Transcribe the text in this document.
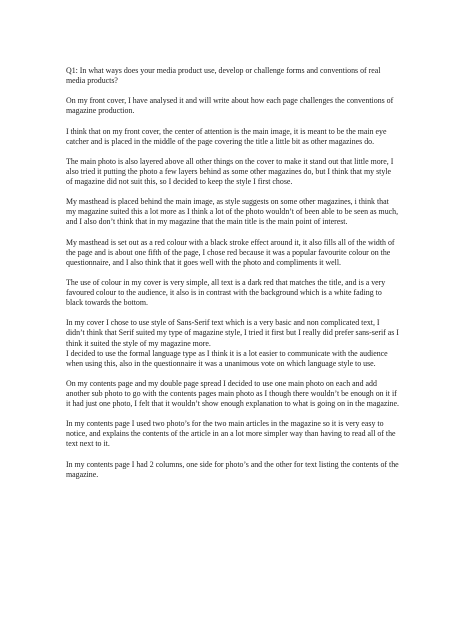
Q1: In what ways does your media product use, develop or challenge forms and conventions of real media products?

On my front cover, I have analysed it and will write about how each page challenges the conventions of magazine production.

I think that on my front cover, the center of attention is the main image, it is meant to be the main eye catcher and is placed in the middle of the page covering the title a little bit as other magazines do.

The main photo is also layered above all other things on the cover to make it stand out that little more, I also tried it putting the photo a few layers behind as some other magazines do, but I think that my style of magazine did not suit this, so I decided to keep the style I first chose.

My masthead is placed behind the main image, as style suggests on some other magazines, i think that my magazine suited this a lot more as I think a lot of the photo wouldn’t of been able to be seen as much, and I also don’t think that in my magazine that the main title is the main point of interest.

My masthead is set out as a red colour with a black stroke effect around it, it also fills all of the width of the page and is about one fifth of the page, I chose red because it was a popular favourite colour on the questionnaire, and I also think that it goes well with the photo and compliments it well.

The use of colour in my cover is very simple, all text is a dark red that matches the title, and is a very favoured colour to the audience, it also is in contrast with the background which is a white fading to black towards the bottom.

In my cover I chose to use style of Sans-Serif text which is a very basic and non complicated text, I didn’t think that Serif suited my type of magazine style, I tried it first but I really did prefer sans-serif as I think it suited the style of my magazine more.

I decided to use the formal language type as I think it is a lot easier to communicate with the audience when using this, also in the questionnaire it was a unanimous vote on which language style to use.

On my contents page and my double page spread I decided to use one main photo on each and add another sub photo to go with the contents pages main photo as I though there wouldn’t be enough on it if it had just one photo, I felt that it wouldn’t show enough explanation to what is going on in the magazine.

In my contents page I used two photo’s for the two main articles in the magazine so it is very easy to notice, and explains the contents of the article in an a lot more simpler way than having to read all of the text next to it.

In my contents page I had 2 columns, one side for photo’s and the other for text listing the contents of the magazine.
